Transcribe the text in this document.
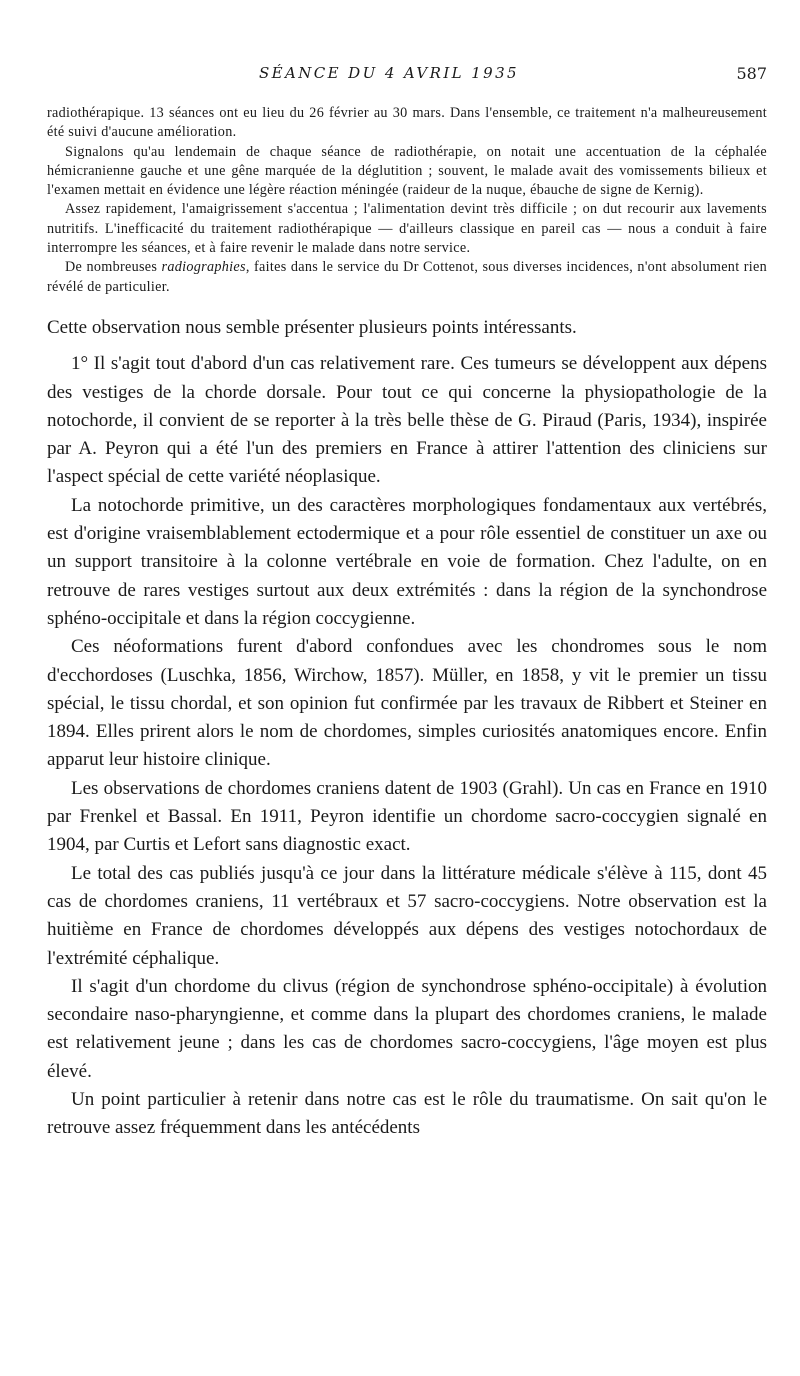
SÉANCE DU 4 AVRIL 1935	587

radiothérapique. 13 séances ont eu lieu du 26 février au 30 mars. Dans l'ensemble, ce traitement n'a malheureusement été suivi d'aucune amélioration.

Signalons qu'au lendemain de chaque séance de radiothérapie, on notait une accentuation de la céphalée hémicranienne gauche et une gêne marquée de la déglutition ; souvent, le malade avait des vomissements bilieux et l'examen mettait en évidence une légère réaction méningée (raideur de la nuque, ébauche de signe de Kernig).

Assez rapidement, l'amaigrissement s'accentua ; l'alimentation devint très difficile ; on dut recourir aux lavements nutritifs. L'inefficacité du traitement radiothérapique — d'ailleurs classique en pareil cas — nous a conduit à faire interrompre les séances, et à faire revenir le malade dans notre service.

De nombreuses radiographies, faites dans le service du Dr Cottenot, sous diverses incidences, n'ont absolument rien révélé de particulier.

Cette observation nous semble présenter plusieurs points intéressants.

1° Il s'agit tout d'abord d'un cas relativement rare. Ces tumeurs se développent aux dépens des vestiges de la chorde dorsale. Pour tout ce qui concerne la physiopathologie de la notochorde, il convient de se reporter à la très belle thèse de G. Piraud (Paris, 1934), inspirée par A. Peyron qui a été l'un des premiers en France à attirer l'attention des cliniciens sur l'aspect spécial de cette variété néoplasique.

La notochorde primitive, un des caractères morphologiques fondamentaux aux vertébrés, est d'origine vraisemblablement ectodermique et a pour rôle essentiel de constituer un axe ou un support transitoire à la colonne vertébrale en voie de formation. Chez l'adulte, on en retrouve de rares vestiges surtout aux deux extrémités : dans la région de la synchondrose sphéno-occipitale et dans la région coccygienne.

Ces néoformations furent d'abord confondues avec les chondromes sous le nom d'ecchordoses (Luschka, 1856, Wirchow, 1857). Müller, en 1858, y vit le premier un tissu spécial, le tissu chordal, et son opinion fut confirmée par les travaux de Ribbert et Steiner en 1894. Elles prirent alors le nom de chordomes, simples curiosités anatomiques encore. Enfin apparut leur histoire clinique.

Les observations de chordomes craniens datent de 1903 (Grahl). Un cas en France en 1910 par Frenkel et Bassal. En 1911, Peyron identifie un chordome sacro-coccygien signalé en 1904, par Curtis et Lefort sans diagnostic exact.

Le total des cas publiés jusqu'à ce jour dans la littérature médicale s'élève à 115, dont 45 cas de chordomes craniens, 11 vertébraux et 57 sacro-coccygiens. Notre observation est la huitième en France de chordomes développés aux dépens des vestiges notochordaux de l'extrémité céphalique.

Il s'agit d'un chordome du clivus (région de synchondrose sphéno-occipitale) à évolution secondaire naso-pharyngienne, et comme dans la plupart des chordomes craniens, le malade est relativement jeune ; dans les cas de chordomes sacro-coccygiens, l'âge moyen est plus élevé.

Un point particulier à retenir dans notre cas est le rôle du traumatisme. On sait qu'on le retrouve assez fréquemment dans les antécédents
